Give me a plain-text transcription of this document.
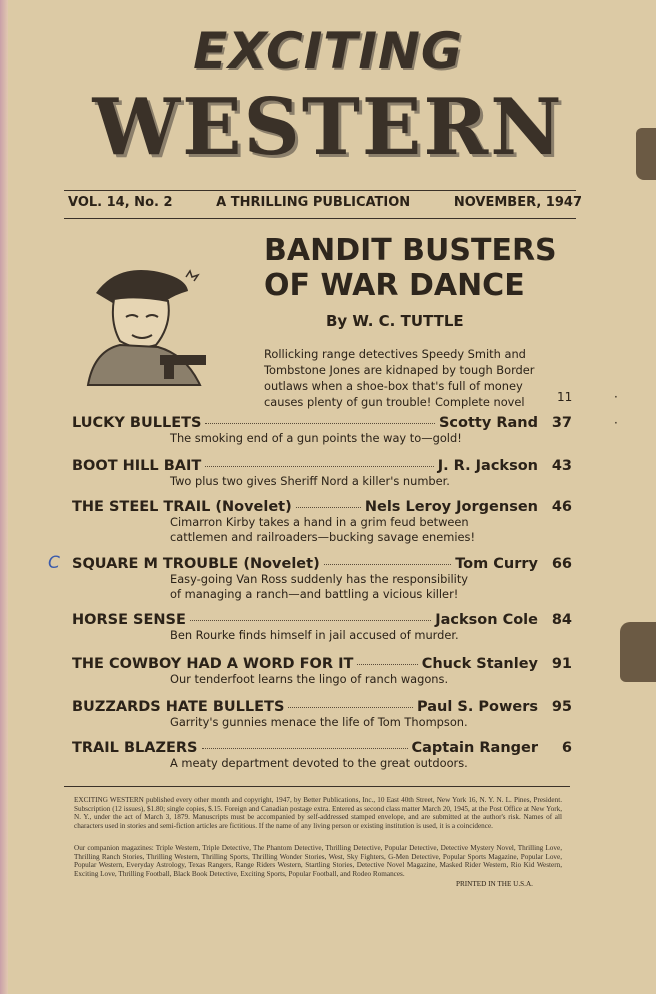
EXCITING
WESTERN
VOL. 14, No. 2	A THRILLING PUBLICATION	NOVEMBER, 1947
BANDIT BUSTERS
OF WAR DANCE
By W. C. TUTTLE
Rollicking range detectives Speedy Smith and
Tombstone Jones are kidnaped by tough Border
outlaws when a shoe-box that's full of money
causes plenty of gun trouble! Complete novel	11
LUCKY BULLETS	Scotty Rand 37
The smoking end of a gun points the way to—gold!
BOOT HILL BAIT	J. R. Jackson 43
Two plus two gives Sheriff Nord a killer's number.
THE STEEL TRAIL (Novelet)	Nels Leroy Jorgensen 46
Cimarron Kirby takes a hand in a grim feud between
cattlemen and railroaders—bucking savage enemies!
SQUARE M TROUBLE (Novelet)	Tom Curry 66
Easy-going Van Ross suddenly has the responsibility
of managing a ranch—and battling a vicious killer!
C
HORSE SENSE	Jackson Cole 84
Ben Rourke finds himself in jail accused of murder.
THE COWBOY HAD A WORD FOR IT	Chuck Stanley 91
Our tenderfoot learns the lingo of ranch wagons.
BUZZARDS HATE BULLETS	Paul S. Powers 95
Garrity's gunnies menace the life of Tom Thompson.
TRAIL BLAZERS	Captain Ranger	6
A meaty department devoted to the great outdoors.
·
·
EXCITING WESTERN published every other month and copyright, 1947, by Better Publications, Inc., 10 East 40th Street, New York 16, N. Y. N. L. Pines, President. Subscription (12 issues), $1.80; single copies, $.15. Foreign and Canadian postage extra. Entered as second class matter March 20, 1945, at the Post Office at New York, N. Y., under the act of March 3, 1879. Manuscripts must be accompanied by self-addressed stamped envelope, and are submitted at the author's risk. Names of all characters used in stories and semi-fiction articles are fictitious. If the name of any living person or existing institution is used, it is a coincidence.
Our companion magazines: Triple Western, Triple Detective, The Phantom Detective, Thrilling Detective, Popular Detective, Detective Mystery Novel, Thrilling Love, Thrilling Ranch Stories, Thrilling Western, Thrilling Sports, Thrilling Wonder Stories, West, Sky Fighters, G-Men Detective, Popular Sports Magazine, Popular Love, Popular Western, Everyday Astrology, Texas Rangers, Range Riders Western, Startling Stories, Detective Novel Magazine, Masked Rider Western, Rio Kid Western, Exciting Love, Thrilling Football, Black Book Detective, Exciting Sports, Popular Football, and Rodeo Romances.
PRINTED IN THE U.S.A.
